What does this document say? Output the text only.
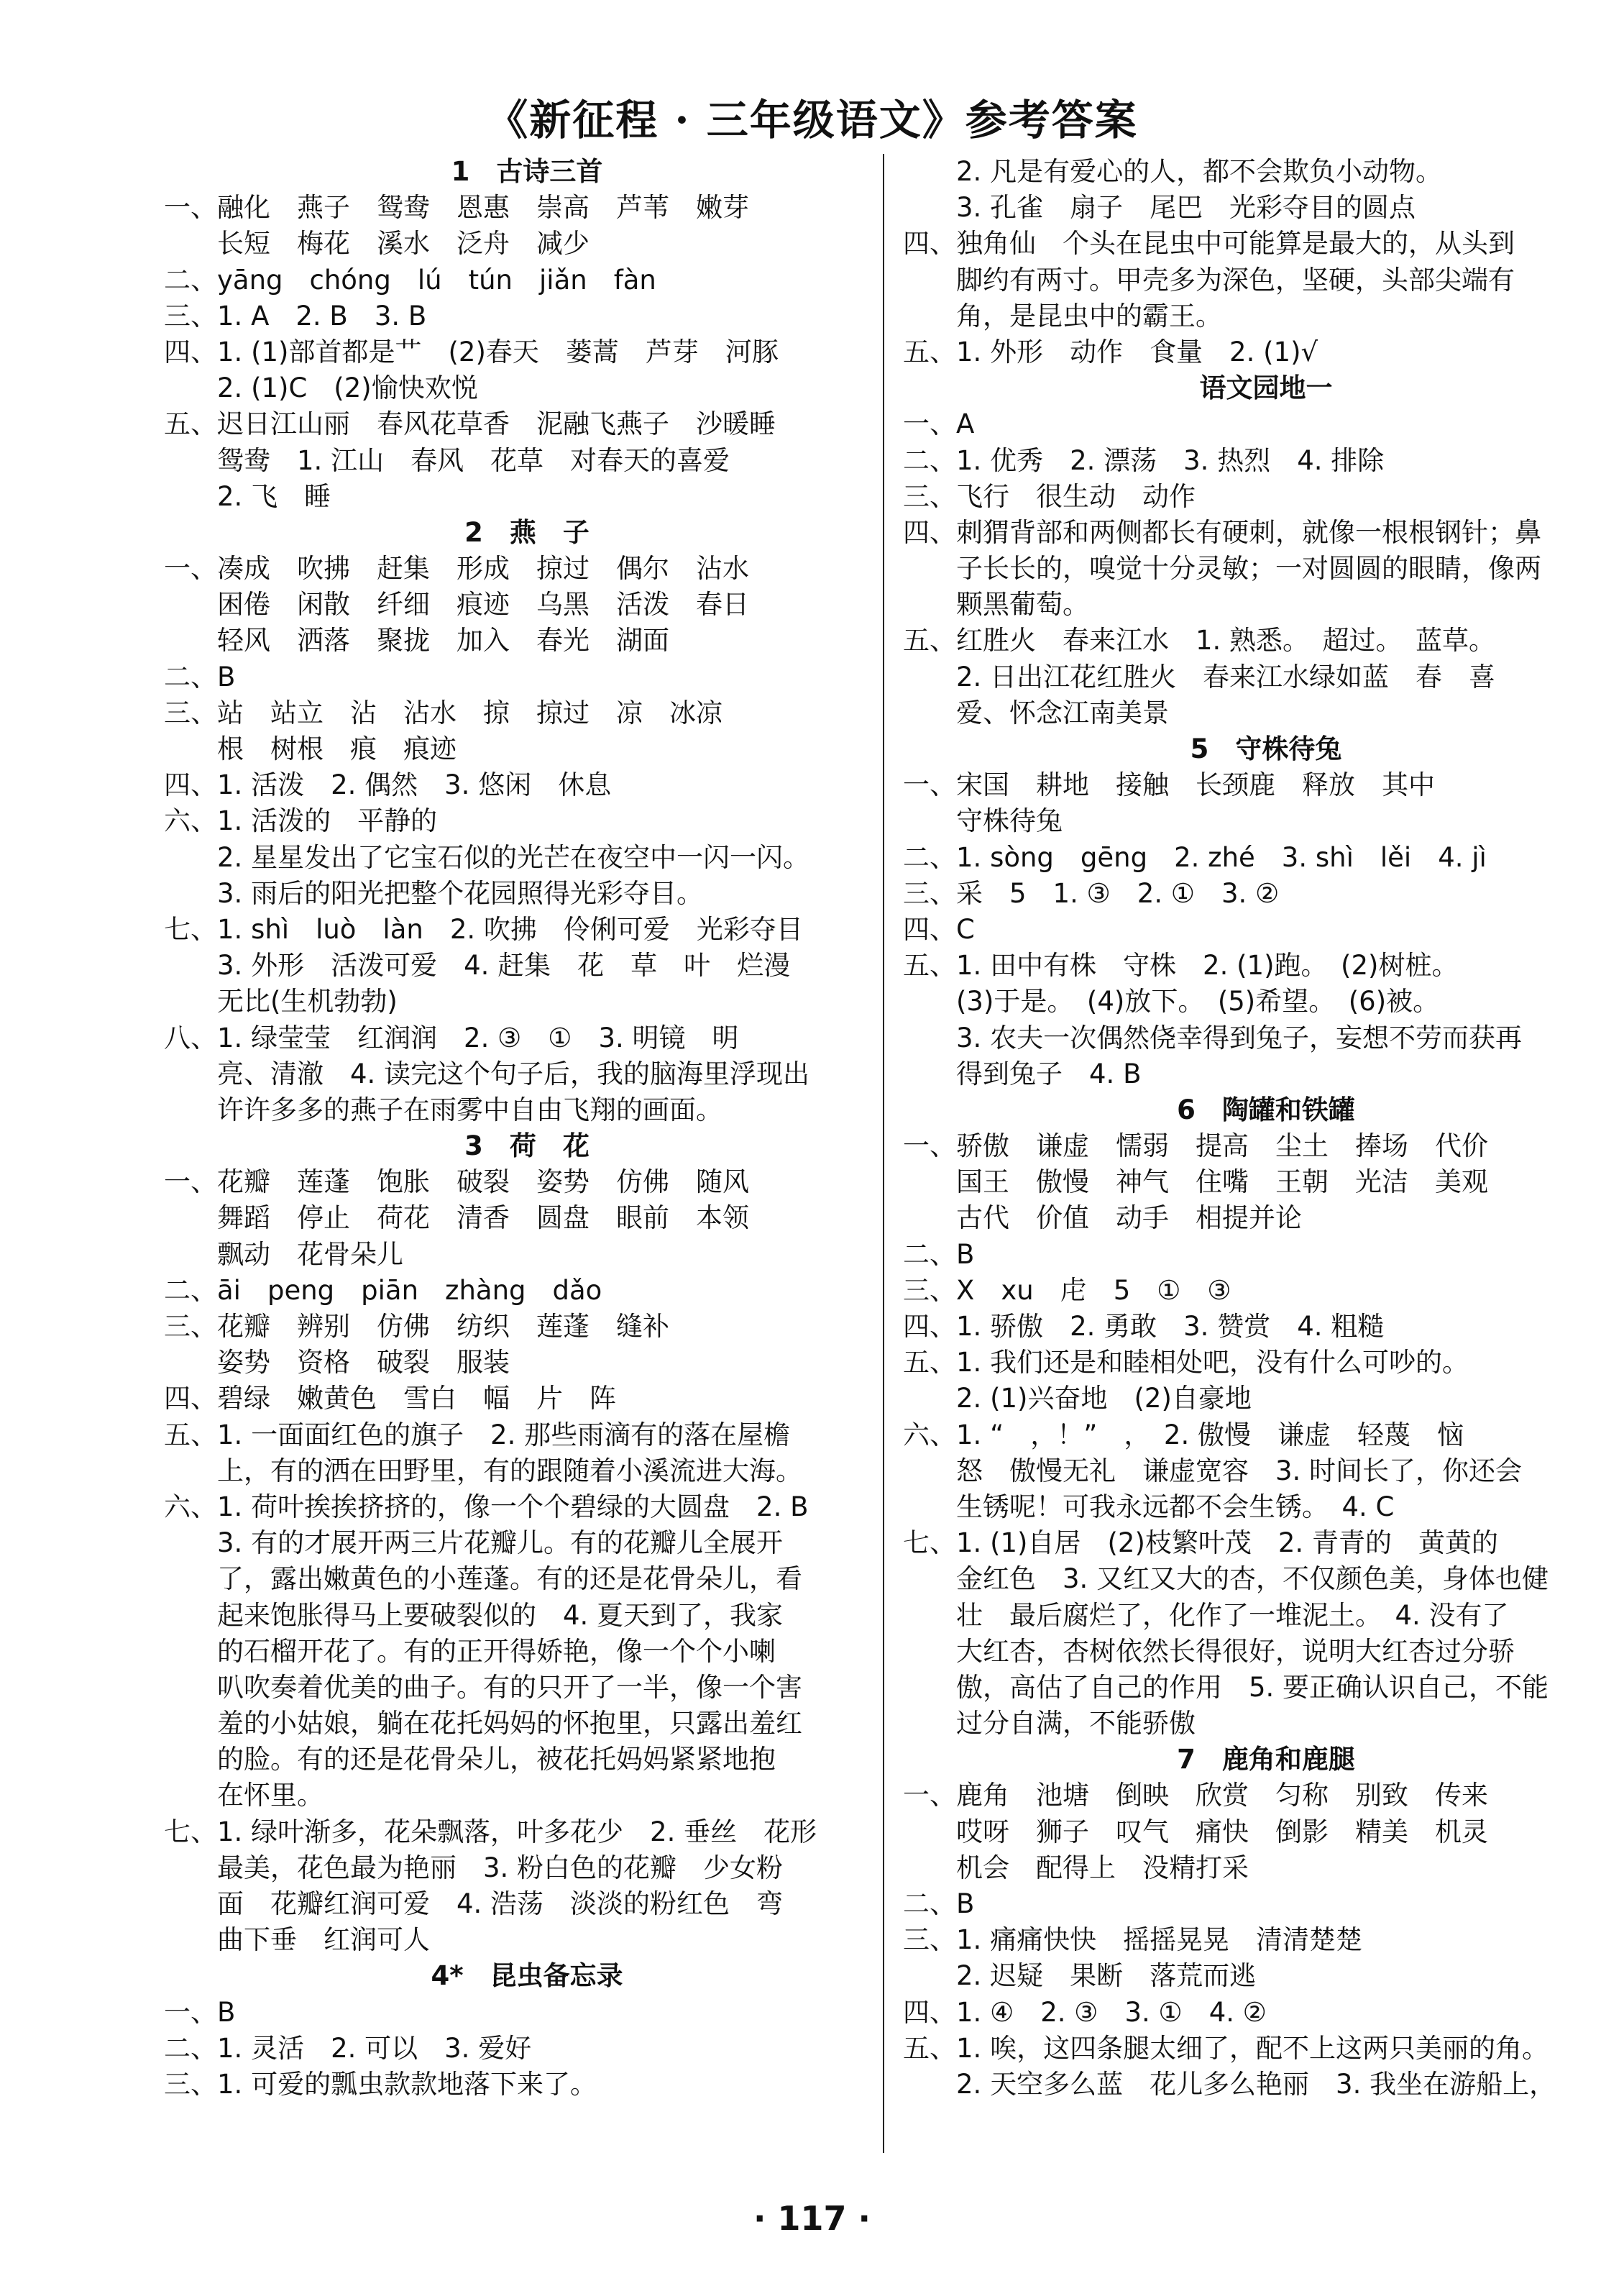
《新征程 · 三年级语文》参考答案
1　古诗三首
一、融化　燕子　鸳鸯　恩惠　崇高　芦苇　嫩芽
长短　梅花　溪水　泛舟　减少
二、yāng　chóng　lú　tún　jiǎn　fàn
三、1. A　2. B　3. B
四、1. (1)部首都是艹　(2)春天　蒌蒿　芦芽　河豚
2. (1)C　(2)愉快欢悦
五、迟日江山丽　春风花草香　泥融飞燕子　沙暖睡
鸳鸯　1. 江山　春风　花草　对春天的喜爱
2. 飞　睡
2　燕　子
一、凑成　吹拂　赶集　形成　掠过　偶尔　沾水
困倦　闲散　纤细　痕迹　乌黑　活泼　春日
轻风　洒落　聚拢　加入　春光　湖面
二、B
三、站　站立　沾　沾水　掠　掠过　凉　冰凉
根　树根　痕　痕迹
四、1. 活泼　2. 偶然　3. 悠闲　休息
六、1. 活泼的　平静的
2. 星星发出了它宝石似的光芒在夜空中一闪一闪。
3. 雨后的阳光把整个花园照得光彩夺目。
七、1. shì　luò　làn　2. 吹拂　伶俐可爱　光彩夺目
3. 外形　活泼可爱　4. 赶集　花　草　叶　烂漫
无比(生机勃勃)
八、1. 绿莹莹　红润润　2. ③　①　3. 明镜　明
亮、清澈　4. 读完这个句子后，我的脑海里浮现出
许许多多的燕子在雨雾中自由飞翔的画面。
3　荷　花
一、花瓣　莲蓬　饱胀　破裂　姿势　仿佛　随风
舞蹈　停止　荷花　清香　圆盘　眼前　本领
飘动　花骨朵儿
二、āi　peng　piān　zhàng　dǎo
三、花瓣　辨别　仿佛　纺织　莲蓬　缝补
姿势　资格　破裂　服装
四、碧绿　嫩黄色　雪白　幅　片　阵
五、1. 一面面红色的旗子　2. 那些雨滴有的落在屋檐
上，有的洒在田野里，有的跟随着小溪流进大海。
六、1. 荷叶挨挨挤挤的，像一个个碧绿的大圆盘　2. B
3. 有的才展开两三片花瓣儿。有的花瓣儿全展开
了，露出嫩黄色的小莲蓬。有的还是花骨朵儿，看
起来饱胀得马上要破裂似的　4. 夏天到了，我家
的石榴开花了。有的正开得娇艳，像一个个小喇
叭吹奏着优美的曲子。有的只开了一半，像一个害
羞的小姑娘，躺在花托妈妈的怀抱里，只露出羞红
的脸。有的还是花骨朵儿，被花托妈妈紧紧地抱
在怀里。
七、1. 绿叶渐多，花朵飘落，叶多花少　2. 垂丝　花形
最美，花色最为艳丽　3. 粉白色的花瓣　少女粉
面　花瓣红润可爱　4. 浩荡　淡淡的粉红色　弯
曲下垂　红润可人
4*　昆虫备忘录
一、B
二、1. 灵活　2. 可以　3. 爱好
三、1. 可爱的瓢虫款款地落下来了。
2. 凡是有爱心的人，都不会欺负小动物。
3. 孔雀　扇子　尾巴　光彩夺目的圆点
四、独角仙　个头在昆虫中可能算是最大的，从头到
脚约有两寸。甲壳多为深色，坚硬，头部尖端有
角，是昆虫中的霸王。
五、1. 外形　动作　食量　2. (1)√
语文园地一
一、A
二、1. 优秀　2. 漂荡　3. 热烈　4. 排除
三、飞行　很生动　动作
四、刺猬背部和两侧都长有硬刺，就像一根根钢针；鼻
子长长的，嗅觉十分灵敏；一对圆圆的眼睛，像两
颗黑葡萄。
五、红胜火　春来江水　1. 熟悉。　超过。　蓝草。
2. 日出江花红胜火　春来江水绿如蓝　春　喜
爱、怀念江南美景
5　守株待兔
一、宋国　耕地　接触　长颈鹿　释放　其中
守株待兔
二、1. sòng　gēng　2. zhé　3. shì　lěi　4. jì
三、采　5　1. ③　2. ①　3. ②
四、C
五、1. 田中有株　守株　2. (1)跑。　(2)树桩。
(3)于是。　(4)放下。　(5)希望。　(6)被。
3. 农夫一次偶然侥幸得到兔子，妄想不劳而获再
得到兔子　4. B
6　陶罐和铁罐
一、骄傲　谦虚　懦弱　提高　尘土　捧场　代价
国王　傲慢　神气　住嘴　王朝　光洁　美观
古代　价值　动手　相提并论
二、B
三、X　xu　虍　5　①　③
四、1. 骄傲　2. 勇敢　3. 赞赏　4. 粗糙
五、1. 我们还是和睦相处吧，没有什么可吵的。
2. (1)兴奋地　(2)自豪地
六、1. “　，！”　，　2. 傲慢　谦虚　轻蔑　恼
怒　傲慢无礼　谦虚宽容　3. 时间长了，你还会
生锈呢！可我永远都不会生锈。　4. C
七、1. (1)自居　(2)枝繁叶茂　2. 青青的　黄黄的
金红色　3. 又红又大的杏，不仅颜色美，身体也健
壮　最后腐烂了，化作了一堆泥土。　4. 没有了
大红杏，杏树依然长得很好，说明大红杏过分骄
傲，高估了自己的作用　5. 要正确认识自己，不能
过分自满，不能骄傲
7　鹿角和鹿腿
一、鹿角　池塘　倒映　欣赏　匀称　别致　传来
哎呀　狮子　叹气　痛快　倒影　精美　机灵
机会　配得上　没精打采
二、B
三、1. 痛痛快快　摇摇晃晃　清清楚楚
2. 迟疑　果断　落荒而逃
四、1. ④　2. ③　3. ①　4. ②
五、1. 唉，这四条腿太细了，配不上这两只美丽的角。
2. 天空多么蓝　花儿多么艳丽　3. 我坐在游船上，
· 117 ·
